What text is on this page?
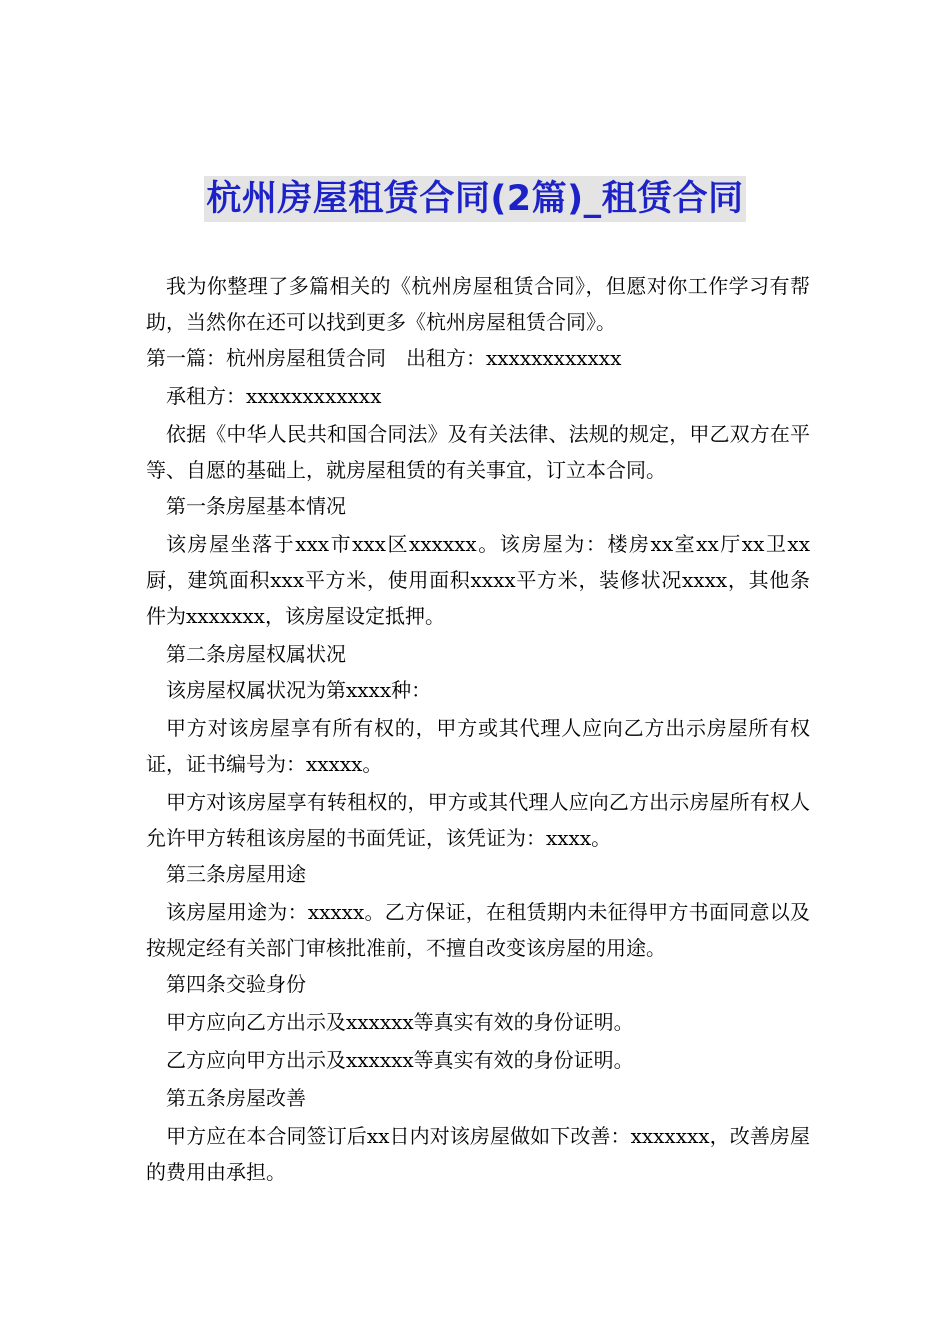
杭州房屋租赁合同(2篇)_租赁合同

我为你整理了多篇相关的《杭州房屋租赁合同》，但愿对你工作学习有帮助，当然你在还可以找到更多《杭州房屋租赁合同》。

第一篇：杭州房屋租赁合同　出租方：xxxxxxxxxxxx

承租方：xxxxxxxxxxxx

依据《中华人民共和国合同法》及有关法律、法规的规定，甲乙双方在平等、自愿的基础上，就房屋租赁的有关事宜，订立本合同。

第一条房屋基本情况

该房屋坐落于xxx市xxx区xxxxxx。该房屋为：楼房xx室xx厅xx卫xx厨，建筑面积xxx平方米，使用面积xxxx平方米，装修状况xxxx，其他条件为xxxxxxx，该房屋设定抵押。

第二条房屋权属状况

该房屋权属状况为第xxxx种：

甲方对该房屋享有所有权的，甲方或其代理人应向乙方出示房屋所有权证，证书编号为：xxxxx。

甲方对该房屋享有转租权的，甲方或其代理人应向乙方出示房屋所有权人允许甲方转租该房屋的书面凭证，该凭证为：xxxx。

第三条房屋用途

该房屋用途为：xxxxx。乙方保证，在租赁期内未征得甲方书面同意以及按规定经有关部门审核批准前，不擅自改变该房屋的用途。

第四条交验身份

甲方应向乙方出示及xxxxxx等真实有效的身份证明。

乙方应向甲方出示及xxxxxx等真实有效的身份证明。

第五条房屋改善

甲方应在本合同签订后xx日内对该房屋做如下改善：xxxxxxx，改善房屋的费用由承担。
